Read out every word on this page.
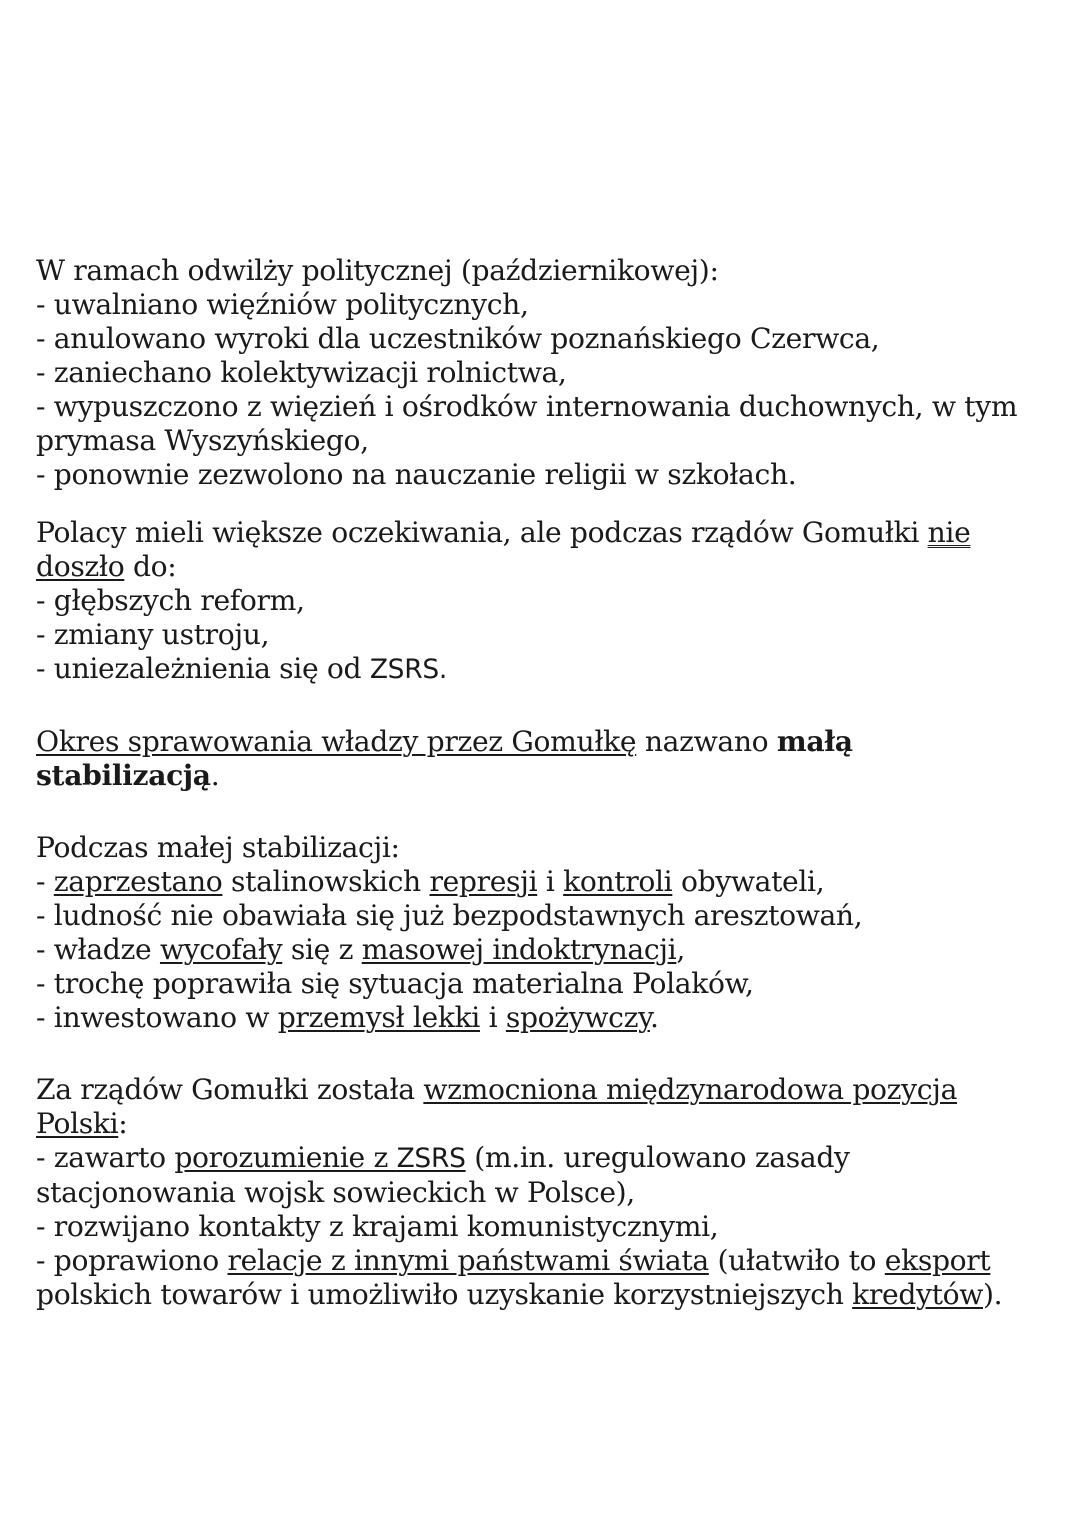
W ramach odwilży politycznej (październikowej):
- uwalniano więźniów politycznych,
- anulowano wyroki dla uczestników poznańskiego Czerwca,
- zaniechano kolektywizacji rolnictwa,
- wypuszczono z więzień i ośrodków internowania duchownych, w tym
prymasa Wyszyńskiego,
- ponownie zezwolono na nauczanie religii w szkołach.
Polacy mieli większe oczekiwania, ale podczas rządów Gomułki nie
doszło do:
- głębszych reform,
- zmiany ustroju,
- uniezależnienia się od ZSRS.
Okres sprawowania władzy przez Gomułkę nazwano małą
stabilizacją.
Podczas małej stabilizacji:
- zaprzestano stalinowskich represji i kontroli obywateli,
- ludność nie obawiała się już bezpodstawnych aresztowań,
- władze wycofały się z masowej indoktrynacji,
- trochę poprawiła się sytuacja materialna Polaków,
- inwestowano w przemysł lekki i spożywczy.
Za rządów Gomułki została wzmocniona międzynarodowa pozycja
Polski:
- zawarto porozumienie z ZSRS (m.in. uregulowano zasady
stacjonowania wojsk sowieckich w Polsce),
- rozwijano kontakty z krajami komunistycznymi,
- poprawiono relacje z innymi państwami świata (ułatwiło to eksport
polskich towarów i umożliwiło uzyskanie korzystniejszych kredytów).
